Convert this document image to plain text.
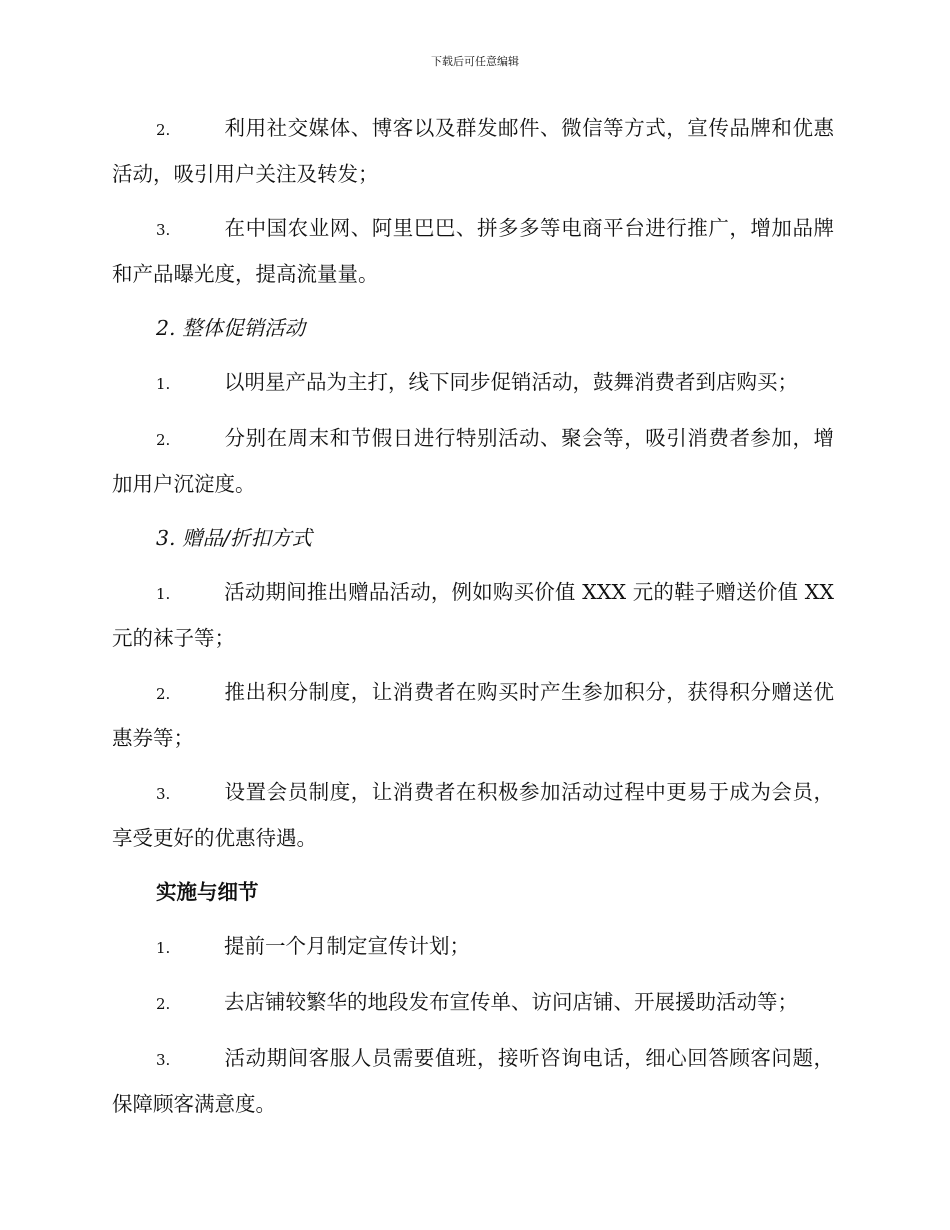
下载后可任意编辑

2.	利用社交媒体、博客以及群发邮件、微信等方式，宣传品牌和优惠活动，吸引用户关注及转发；

3.	在中国农业网、阿里巴巴、拼多多等电商平台进行推广，增加品牌和产品曝光度，提高流量量。

2. 整体促销活动

1.	以明星产品为主打，线下同步促销活动，鼓舞消费者到店购买；

2.	分别在周末和节假日进行特别活动、聚会等，吸引消费者参加，增加用户沉淀度。

3. 赠品/折扣方式

1.	活动期间推出赠品活动，例如购买价值 XXX 元的鞋子赠送价值 XX 元的袜子等；

2.	推出积分制度，让消费者在购买时产生参加积分，获得积分赠送优惠券等；

3.	设置会员制度，让消费者在积极参加活动过程中更易于成为会员，享受更好的优惠待遇。

实施与细节

1.	提前一个月制定宣传计划；

2.	去店铺较繁华的地段发布宣传单、访问店铺、开展援助活动等；

3.	活动期间客服人员需要值班，接听咨询电话，细心回答顾客问题，保障顾客满意度。
